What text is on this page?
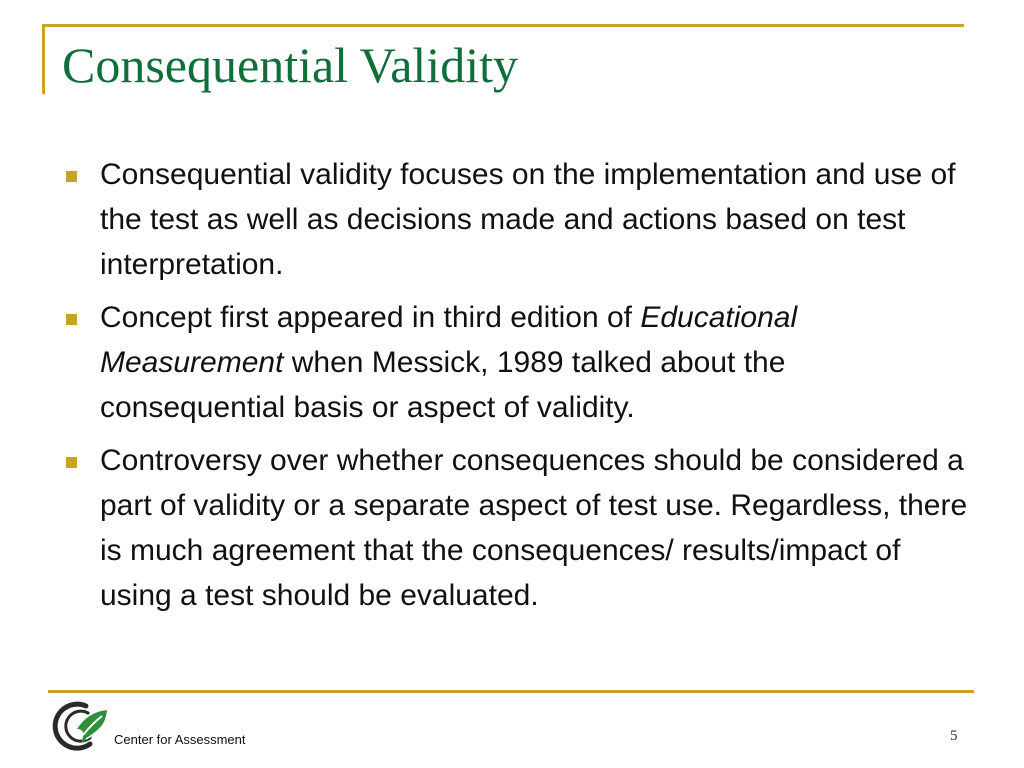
Consequential Validity
Consequential validity focuses on the implementation and use of the test as well as decisions made and actions based on test interpretation.
Concept first appeared in third edition of Educational Measurement when Messick, 1989 talked about the consequential basis or aspect of validity.
Controversy over whether consequences should be considered a part of validity or a separate aspect of test use. Regardless, there is much agreement that the consequences/ results/impact of using a test should be evaluated.
Center for Assessment	5
